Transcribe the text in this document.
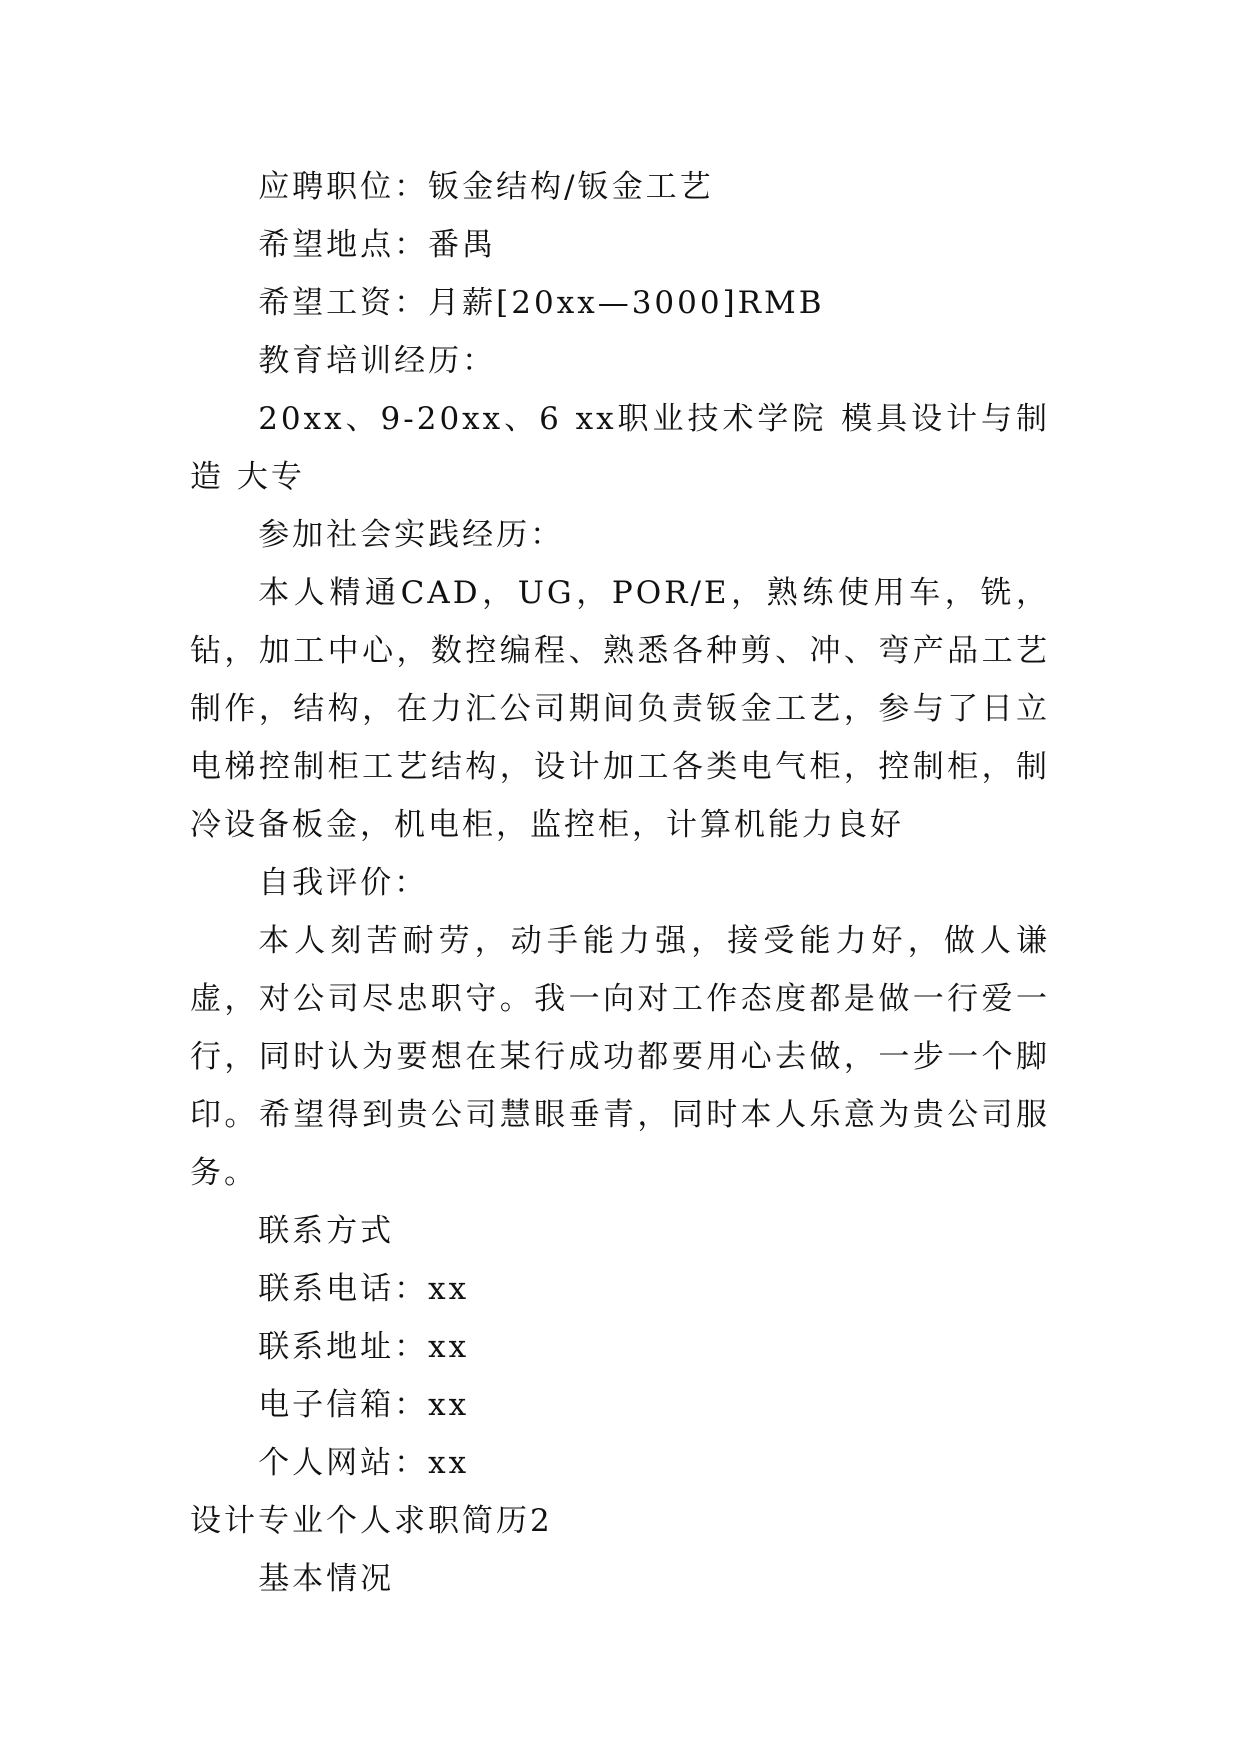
应聘职位：钣金结构/钣金工艺

希望地点：番禺

希望工资：月薪[20xx—3000]RMB

教育培训经历：

20xx、9-20xx、6 xx职业技术学院 模具设计与制造 大专

参加社会实践经历：

本人精通CAD，UG，POR/E，熟练使用车，铣，钻，加工中心，数控编程、熟悉各种剪、冲、弯产品工艺制作，结构，在力汇公司期间负责钣金工艺，参与了日立电梯控制柜工艺结构，设计加工各类电气柜，控制柜，制冷设备板金，机电柜，监控柜，计算机能力良好

自我评价：

本人刻苦耐劳，动手能力强，接受能力好，做人谦虚，对公司尽忠职守。我一向对工作态度都是做一行爱一行，同时认为要想在某行成功都要用心去做，一步一个脚印。希望得到贵公司慧眼垂青，同时本人乐意为贵公司服务。

联系方式

联系电话：xx

联系地址：xx

电子信箱：xx

个人网站：xx

设计专业个人求职简历2

基本情况
